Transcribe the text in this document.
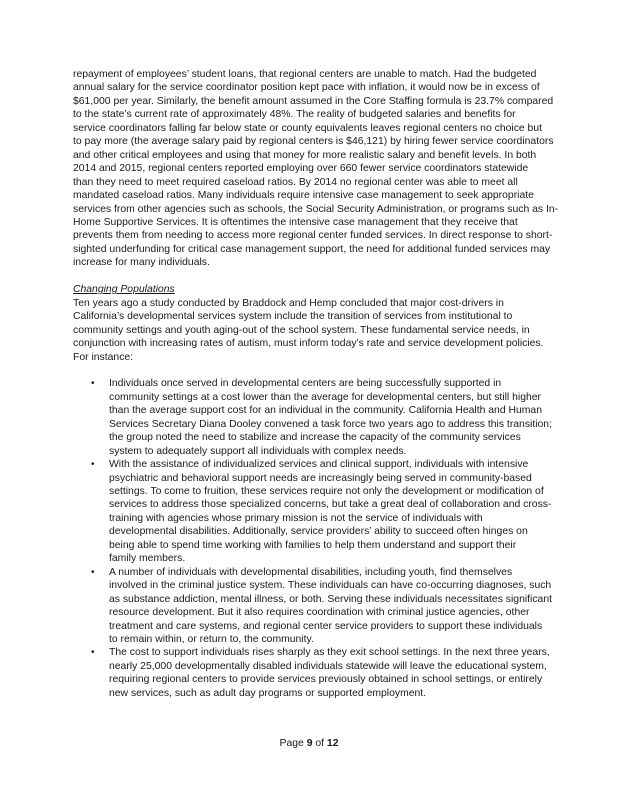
repayment of employees’ student loans, that regional centers are unable to match. Had the budgeted
annual salary for the service coordinator position kept pace with inflation, it would now be in excess of
$61,000 per year. Similarly, the benefit amount assumed in the Core Staffing formula is 23.7% compared
to the state’s current rate of approximately 48%. The reality of budgeted salaries and benefits for
service coordinators falling far below state or county equivalents leaves regional centers no choice but
to pay more (the average salary paid by regional centers is $46,121) by hiring fewer service coordinators
and other critical employees and using that money for more realistic salary and benefit levels. In both
2014 and 2015, regional centers reported employing over 660 fewer service coordinators statewide
than they need to meet required caseload ratios. By 2014 no regional center was able to meet all
mandated caseload ratios. Many individuals require intensive case management to seek appropriate
services from other agencies such as schools, the Social Security Administration, or programs such as In-
Home Supportive Services. It is oftentimes the intensive case management that they receive that
prevents them from needing to access more regional center funded services. In direct response to short-
sighted underfunding for critical case management support, the need for additional funded services may
increase for many individuals.
Changing Populations
Ten years ago a study conducted by Braddock and Hemp concluded that major cost-drivers in
California’s developmental services system include the transition of services from institutional to
community settings and youth aging-out of the school system. These fundamental service needs, in
conjunction with increasing rates of autism, must inform today’s rate and service development policies.
For instance:
• Individuals once served in developmental centers are being successfully supported in
community settings at a cost lower than the average for developmental centers, but still higher
than the average support cost for an individual in the community. California Health and Human
Services Secretary Diana Dooley convened a task force two years ago to address this transition;
the group noted the need to stabilize and increase the capacity of the community services
system to adequately support all individuals with complex needs.
• With the assistance of individualized services and clinical support, individuals with intensive
psychiatric and behavioral support needs are increasingly being served in community-based
settings. To come to fruition, these services require not only the development or modification of
services to address those specialized concerns, but take a great deal of collaboration and cross-
training with agencies whose primary mission is not the service of individuals with
developmental disabilities. Additionally, service providers’ ability to succeed often hinges on
being able to spend time working with families to help them understand and support their
family members.
• A number of individuals with developmental disabilities, including youth, find themselves
involved in the criminal justice system. These individuals can have co-occurring diagnoses, such
as substance addiction, mental illness, or both. Serving these individuals necessitates significant
resource development. But it also requires coordination with criminal justice agencies, other
treatment and care systems, and regional center service providers to support these individuals
to remain within, or return to, the community.
• The cost to support individuals rises sharply as they exit school settings. In the next three years,
nearly 25,000 developmentally disabled individuals statewide will leave the educational system,
requiring regional centers to provide services previously obtained in school settings, or entirely
new services, such as adult day programs or supported employment.
Page 9 of 12
